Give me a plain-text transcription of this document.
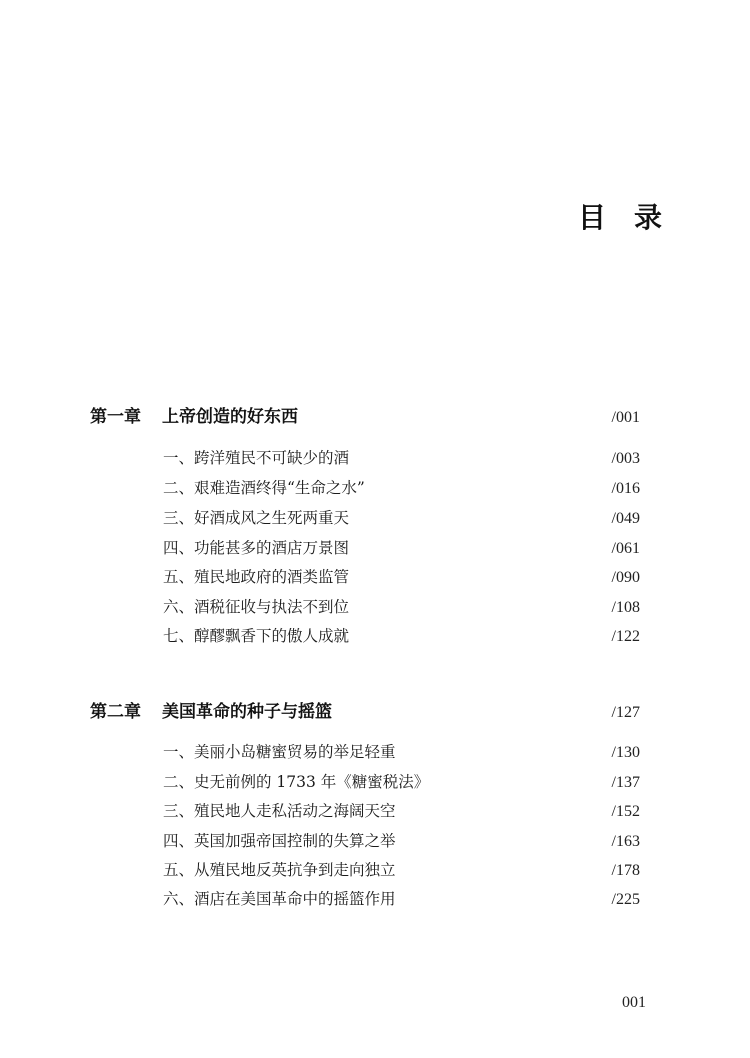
目 录
第一章 上帝创造的好东西	/001
一、跨洋殖民不可缺少的酒	/003
二、艰难造酒终得“生命之水”	/016
三、好酒成风之生死两重天	/049
四、功能甚多的酒店万景图	/061
五、殖民地政府的酒类监管	/090
六、酒税征收与执法不到位	/108
七、醇醪飘香下的傲人成就	/122
第二章 美国革命的种子与摇篮	/127
一、美丽小岛糖蜜贸易的举足轻重	/130
二、史无前例的 1733 年《糖蜜税法》	/137
三、殖民地人走私活动之海阔天空	/152
四、英国加强帝国控制的失算之举	/163
五、从殖民地反英抗争到走向独立	/178
六、酒店在美国革命中的摇篮作用	/225
001
